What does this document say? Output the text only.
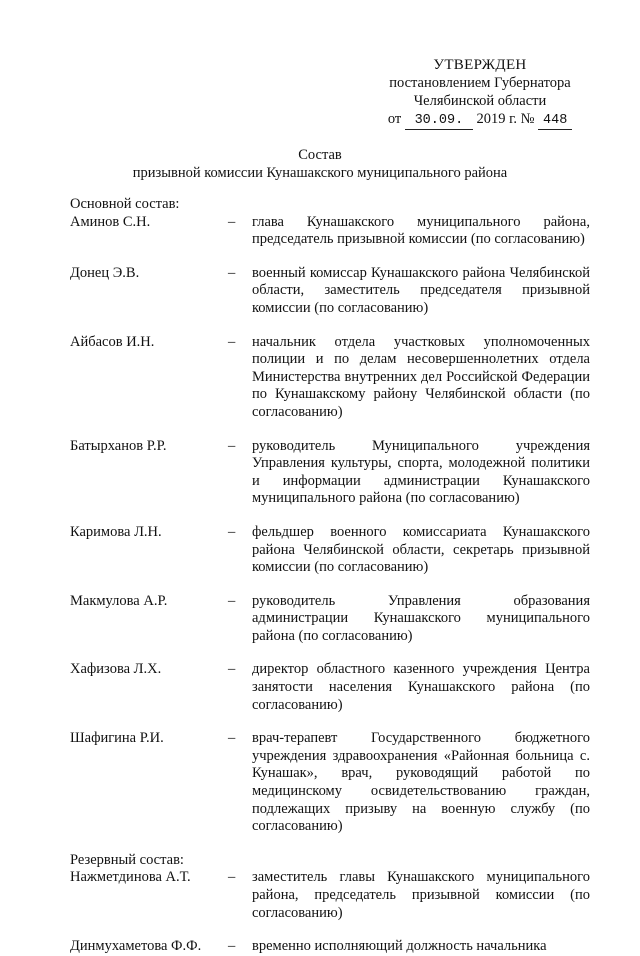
УТВЕРЖДЕН
постановлением Губернатора
Челябинской области
от 30.09. 2019 г. № 448
Состав
призывной комиссии Кунашакского муниципального района

Основной состав:

Аминов С.Н.	–	глава Кунашакского муниципального района, председатель призывной комиссии (по согласованию)
Донец Э.В.	–	военный комиссар Кунашакского района Челябинской области, заместитель председателя призывной комиссии (по согласованию)
Айбасов И.Н.	–	начальник отдела участковых уполномоченных полиции и по делам несовершеннолетних отдела Министерства внутренних дел Российской Федерации по Кунашакскому району Челябинской области (по согласованию)
Батырханов Р.Р.	–	руководитель Муниципального учреждения Управления культуры, спорта, молодежной политики и информации администрации Кунашакского муниципального района (по согласованию)
Каримова Л.Н.	–	фельдшер военного комиссариата Кунашакского района Челябинской области, секретарь призывной комиссии (по согласованию)
Макмулова А.Р.	–	руководитель Управления образования администрации Кунашакского муниципального района (по согласованию)
Хафизова Л.Х.	–	директор областного казенного учреждения Центра занятости населения Кунашакского района (по согласованию)
Шафигина Р.И.	–	врач-терапевт Государственного бюджетного учреждения здравоохранения «Районная больница с. Кунашак», врач, руководящий работой по медицинскому освидетельствованию граждан, подлежащих призыву на военную службу (по согласованию)

Резервный состав:

Нажметдинова А.Т.	–	заместитель главы Кунашакского муниципального района, председатель призывной комиссии (по согласованию)
Динмухаметова Ф.Ф.	–	временно исполняющий должность начальника
